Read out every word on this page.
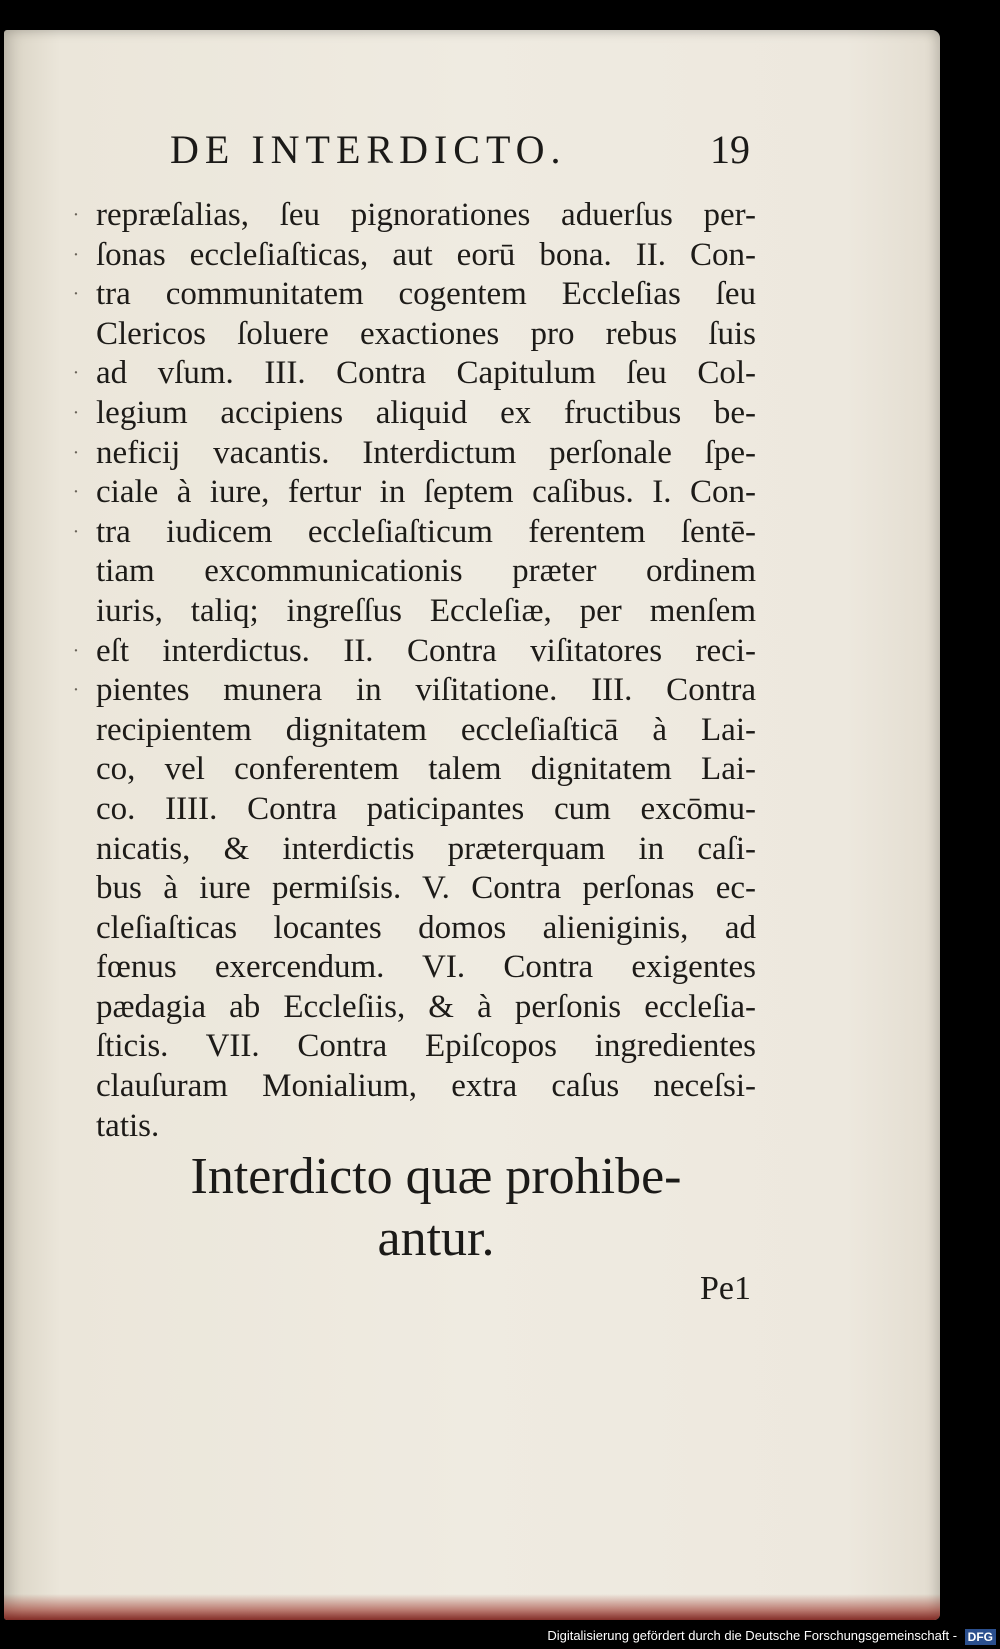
DE INTERDICTO.	19
·
·
·
·
·
·
·
·
·
·
repræſalias, ſeu pignorationes aduerſus per-
ſonas eccleſiaſticas, aut eorū bona. II. Con-
tra communitatem cogentem Eccleſias ſeu
Clericos ſoluere exactiones pro rebus ſuis
ad vſum. III. Contra Capitulum ſeu Col-
legium accipiens aliquid ex fructibus be-
neficij vacantis. Interdictum perſonale ſpe-
ciale à iure, fertur in ſeptem caſibus. I. Con-
tra iudicem eccleſiaſticum ferentem ſentē-
tiam excommunicationis præter ordinem
iuris, taliq; ingreſſus Eccleſiæ, per menſem
eſt interdictus. II. Contra viſitatores reci-
pientes munera in viſitatione. III. Contra
recipientem dignitatem eccleſiaſticā à Lai-
co, vel conferentem talem dignitatem Lai-
co. IIII. Contra paticipantes cum excōmu-
nicatis, & interdictis præterquam in caſi-
bus à iure permiſsis. V. Contra perſonas ec-
cleſiaſticas locantes domos alieniginis, ad
fœnus exercendum. VI. Contra exigentes
pædagia ab Eccleſiis, & à perſonis eccleſia-
ſticis. VII. Contra Epiſcopos ingredientes
clauſuram Monialium, extra caſus neceſsi-
tatis.
Interdicto quæ prohibe-
antur.
Pe1
Digitalisierung gefördert durch die Deutsche Forschungsgemeinschaft - DFG
